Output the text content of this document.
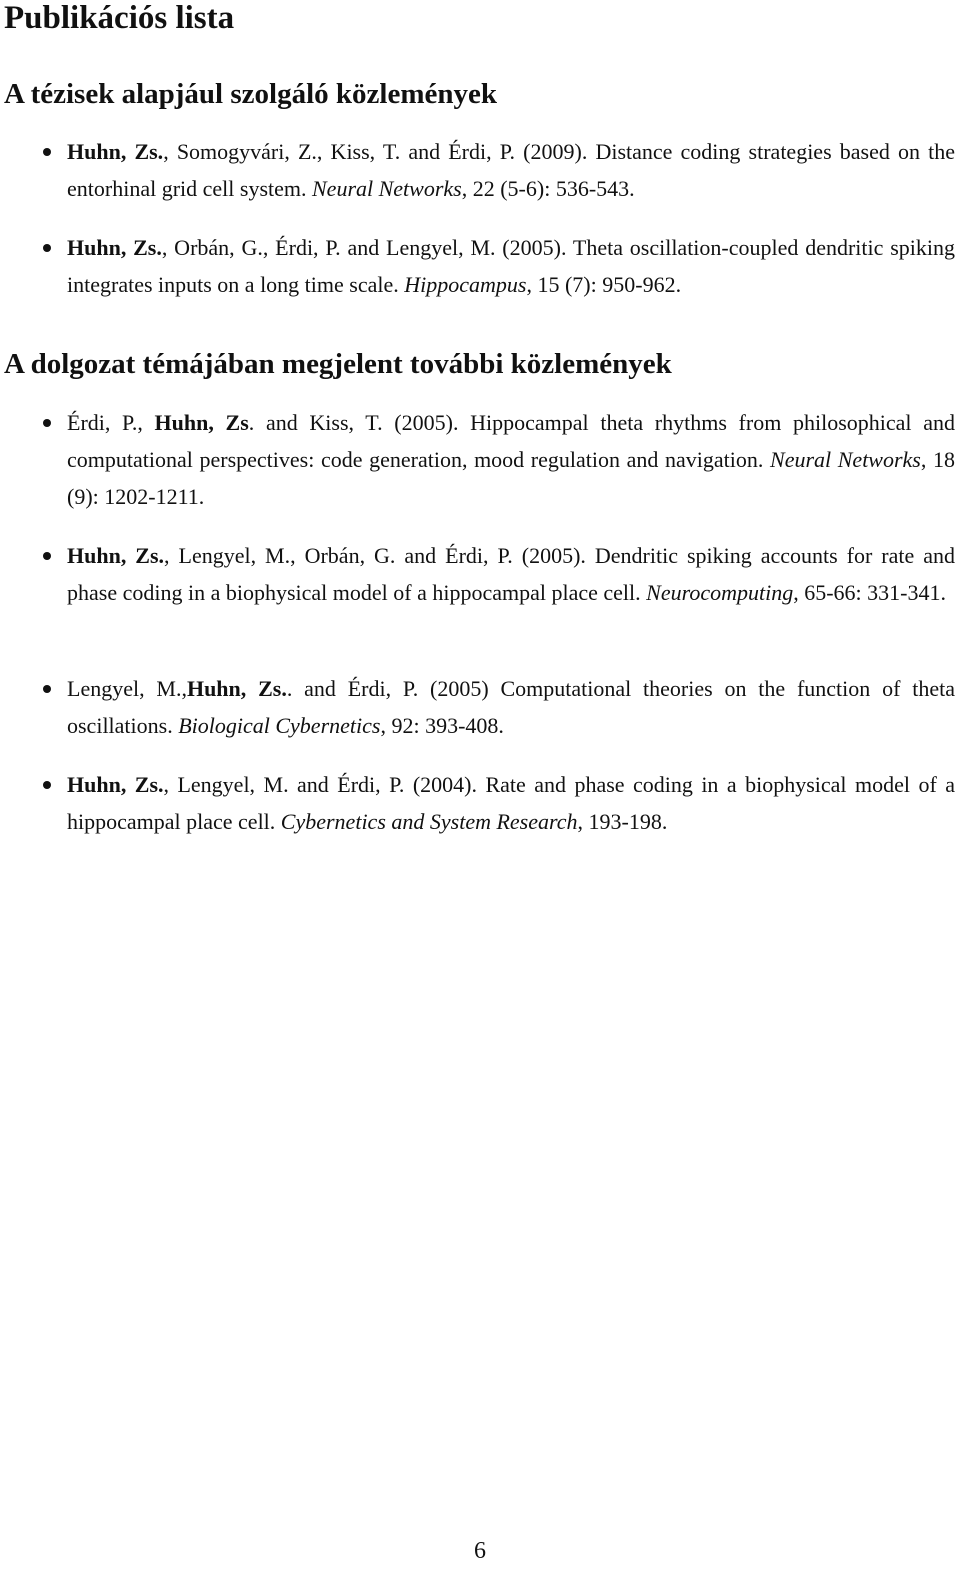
Publikációs lista
A tézisek alapjául szolgáló közlemények

Huhn, Zs., Somogyvári, Z., Kiss, T. and Érdi, P. (2009). Distance coding strategies based on the entorhinal grid cell system. Neural Networks, 22 (5-6): 536-543.

Huhn, Zs., Orbán, G., Érdi, P. and Lengyel, M. (2005). Theta oscillation-coupled dendritic spiking integrates inputs on a long time scale. Hippocampus, 15 (7): 950-962.

A dolgozat témájában megjelent további közlemények

Érdi, P., Huhn, Zs. and Kiss, T. (2005). Hippocampal theta rhythms from philosophical and computational perspectives: code generation, mood regulation and navigation. Neural Networks, 18 (9): 1202-1211.

Huhn, Zs., Lengyel, M., Orbán, G. and Érdi, P. (2005). Dendritic spiking accounts for rate and phase coding in a biophysical model of a hippocampal place cell. Neurocomputing, 65-66: 331-341.

Lengyel, M.,Huhn, Zs.. and Érdi, P. (2005) Computational theories on the function of theta oscillations. Biological Cybernetics, 92: 393-408.

Huhn, Zs., Lengyel, M. and Érdi, P. (2004). Rate and phase coding in a biophysical model of a hippocampal place cell. Cybernetics and System Research, 193-198.

6
